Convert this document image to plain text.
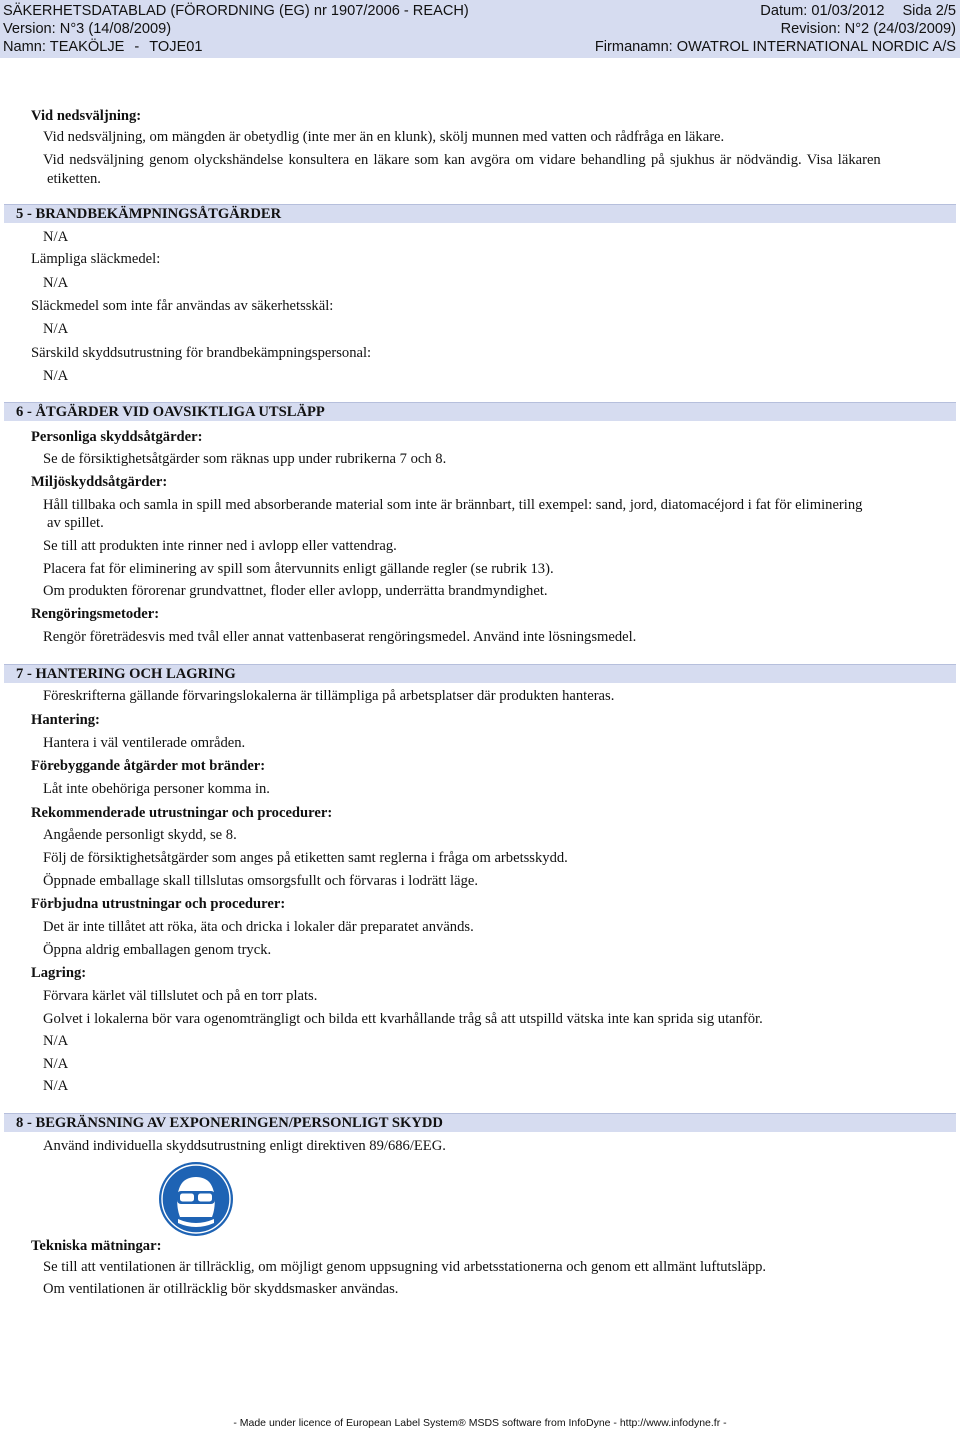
SÄKERHETSDATABLAD (FÖRORDNING (EG) nr 1907/2006 - REACH)	Datum: 01/03/2012 Sida 2/5
Version: N°3 (14/08/2009)	Revision: N°2 (24/03/2009)
Namn: TEAKÖLJE - TOJE01	Firmanamn: OWATROL INTERNATIONAL NORDIC A/S
Vid nedsväljning:
Vid nedsväljning, om mängden är obetydlig (inte mer än en klunk), skölj munnen med vatten och rådfråga en läkare.
Vid nedsväljning genom olyckshändelse konsultera en läkare som kan avgöra om vidare behandling på sjukhus är nödvändig. Visa läkaren
etiketten.
5 - BRANDBEKÄMPNINGSÅTGÄRDER
N/A
Lämpliga släckmedel:
N/A
Släckmedel som inte får användas av säkerhetsskäl:
N/A
Särskild skyddsutrustning för brandbekämpningspersonal:
N/A
6 - ÅTGÄRDER VID OAVSIKTLIGA UTSLÄPP
Personliga skyddsåtgärder:
Se de försiktighetsåtgärder som räknas upp under rubrikerna 7 och 8.
Miljöskyddsåtgärder:
Håll tillbaka och samla in spill med absorberande material som inte är brännbart, till exempel: sand, jord, diatomacéjord i fat för eliminering
av spillet.
Se till att produkten inte rinner ned i avlopp eller vattendrag.
Placera fat för eliminering av spill som återvunnits enligt gällande regler (se rubrik 13).
Om produkten förorenar grundvattnet, floder eller avlopp, underrätta brandmyndighet.
Rengöringsmetoder:
Rengör företrädesvis med tvål eller annat vattenbaserat rengöringsmedel. Använd inte lösningsmedel.
7 - HANTERING OCH LAGRING
Föreskrifterna gällande förvaringslokalerna är tillämpliga på arbetsplatser där produkten hanteras.
Hantering:
Hantera i väl ventilerade områden.
Förebyggande åtgärder mot bränder:
Låt inte obehöriga personer komma in.
Rekommenderade utrustningar och procedurer:
Angående personligt skydd, se 8.
Följ de försiktighetsåtgärder som anges på etiketten samt reglerna i fråga om arbetsskydd.
Öppnade emballage skall tillslutas omsorgsfullt och förvaras i lodrätt läge.
Förbjudna utrustningar och procedurer:
Det är inte tillåtet att röka, äta och dricka i lokaler där preparatet används.
Öppna aldrig emballagen genom tryck.
Lagring:
Förvara kärlet väl tillslutet och på en torr plats.
Golvet i lokalerna bör vara ogenomträngligt och bilda ett kvarhållande tråg så att utspilld vätska inte kan sprida sig utanför.
N/A
N/A
N/A
8 - BEGRÄNSNING AV EXPONERINGEN/PERSONLIGT SKYDD
Använd individuella skyddsutrustning enligt direktiven 89/686/EEG.
Tekniska mätningar:
Se till att ventilationen är tillräcklig, om möjligt genom uppsugning vid arbetsstationerna och genom ett allmänt luftutsläpp.
Om ventilationen är otillräcklig bör skyddsmasker användas.
- Made under licence of European Label System® MSDS software from InfoDyne - http://www.infodyne.fr -
